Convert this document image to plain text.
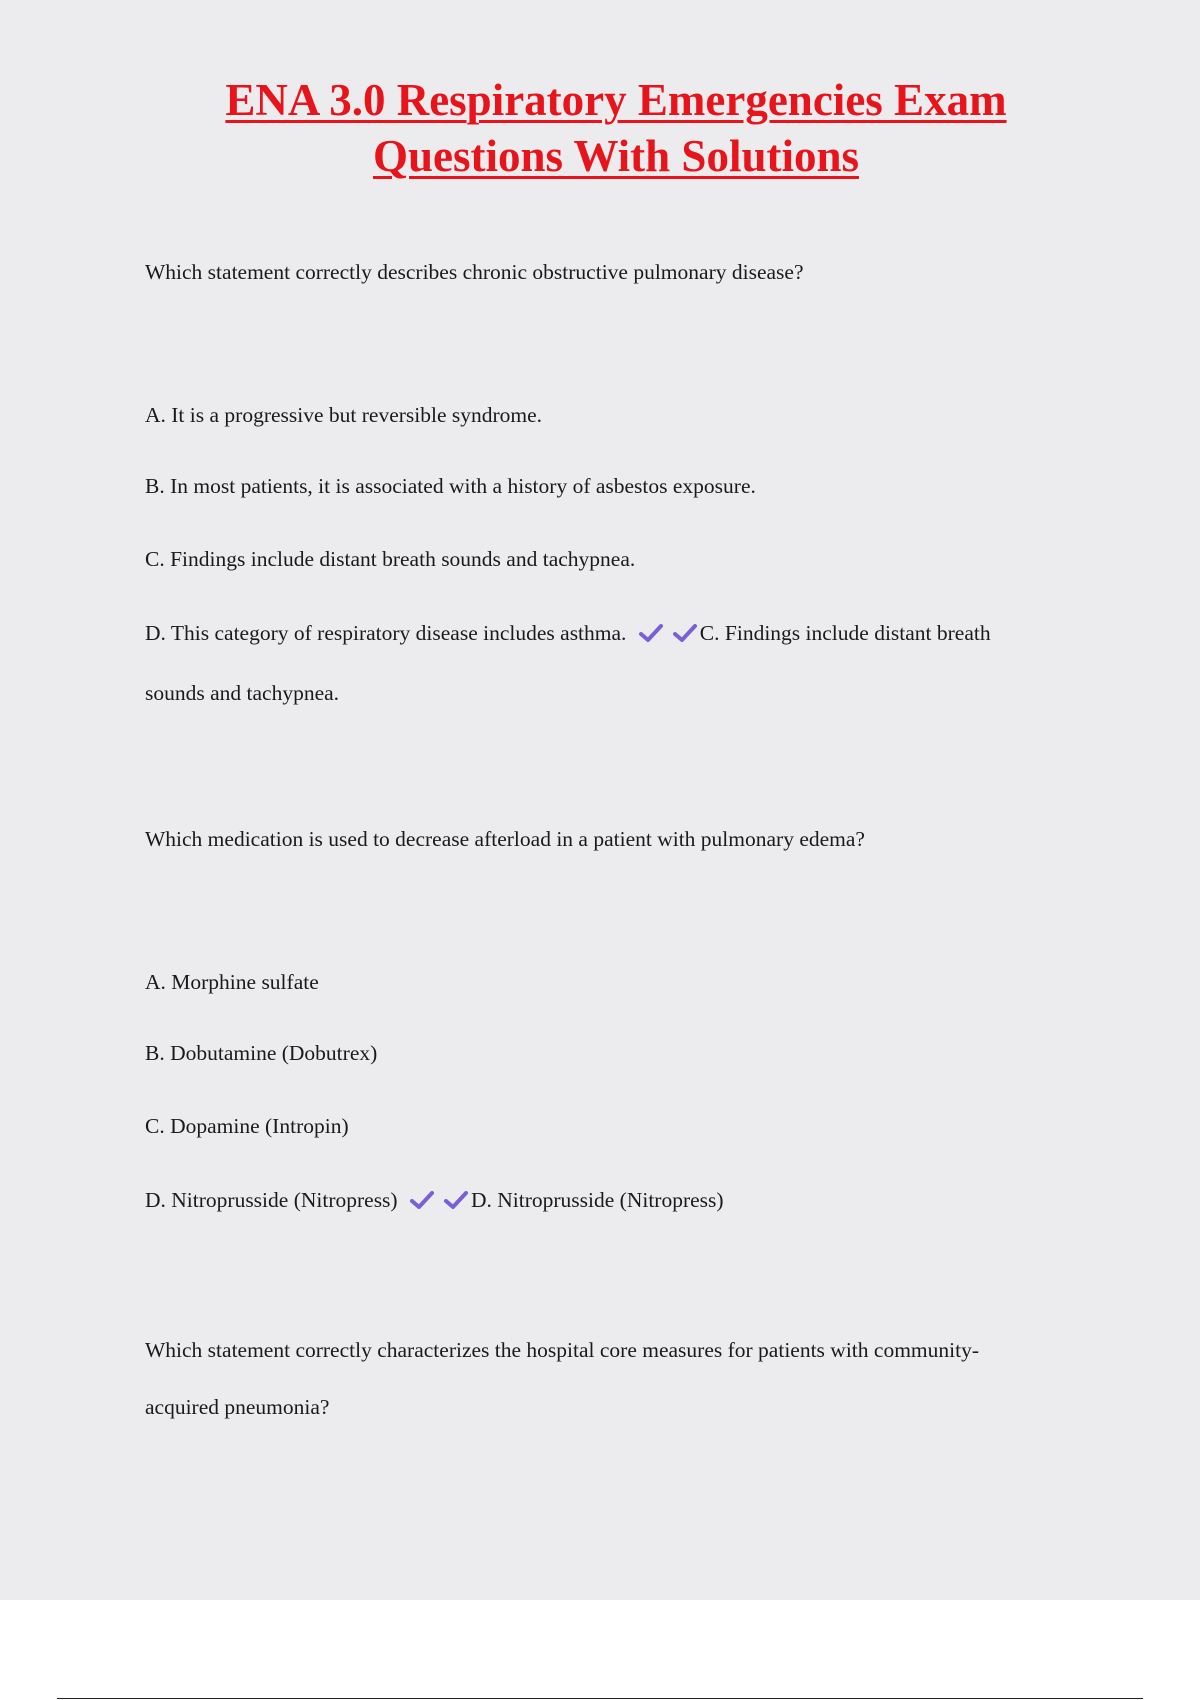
ENA 3.0 Respiratory Emergencies Exam
Questions With Solutions

Which statement correctly describes chronic obstructive pulmonary disease?

A. It is a progressive but reversible syndrome.

B. In most patients, it is associated with a history of asbestos exposure.

C. Findings include distant breath sounds and tachypnea.

D. This category of respiratory disease includes asthma.	C. Findings include distant breath

sounds and tachypnea.

Which medication is used to decrease afterload in a patient with pulmonary edema?

A. Morphine sulfate

B. Dobutamine (Dobutrex)

C. Dopamine (Intropin)

D. Nitroprusside (Nitropress)	D. Nitroprusside (Nitropress)

Which statement correctly characterizes the hospital core measures for patients with community-

acquired pneumonia?
